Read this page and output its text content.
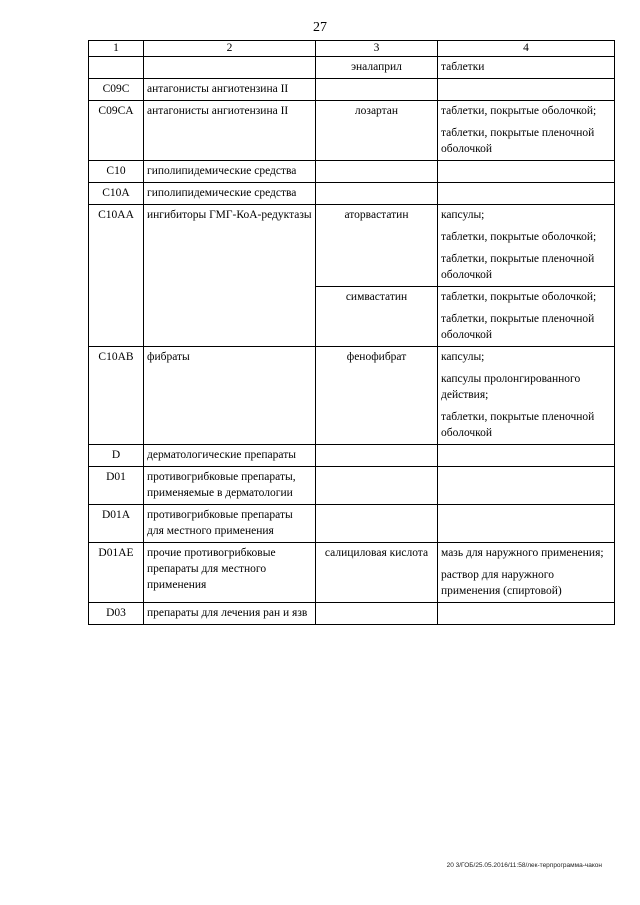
27
1	2	3	4
		эналаприл	таблетки

C09C	антагонисты ангиотензина II		
C09CA	антагонисты ангиотензина II	лозартан	таблетки, покрытые оболочкой;
таблетки, покрытые пленочной оболочкой

C10	гиполипидемические средства		
C10A	гиполипидемические средства		
C10AA	ингибиторы ГМГ-КоА-редуктазы	аторвастатин	капсулы;
таблетки, покрытые оболочкой;
таблетки, покрытые пленочной оболочкой

		симвастатин	таблетки, покрытые оболочкой;
таблетки, покрытые пленочной оболочкой

C10AB	фибраты	фенофибрат	капсулы;
капсулы пролонгированного действия;
таблетки, покрытые пленочной оболочкой

D	дерматологические препараты		
D01	противогрибковые препараты, применяемые в дерматологии		
D01A	противогрибковые препараты для местного применения		
D01AE	прочие противогрибковые препараты для местного применения	салициловая кислота	мазь для наружного применения;
раствор для наружного применения (спиртовой)

D03	препараты для лечения ран и язв		
20 3/ГОБ/25.05.2016/11:58/лек-терпрограмма-чакон
